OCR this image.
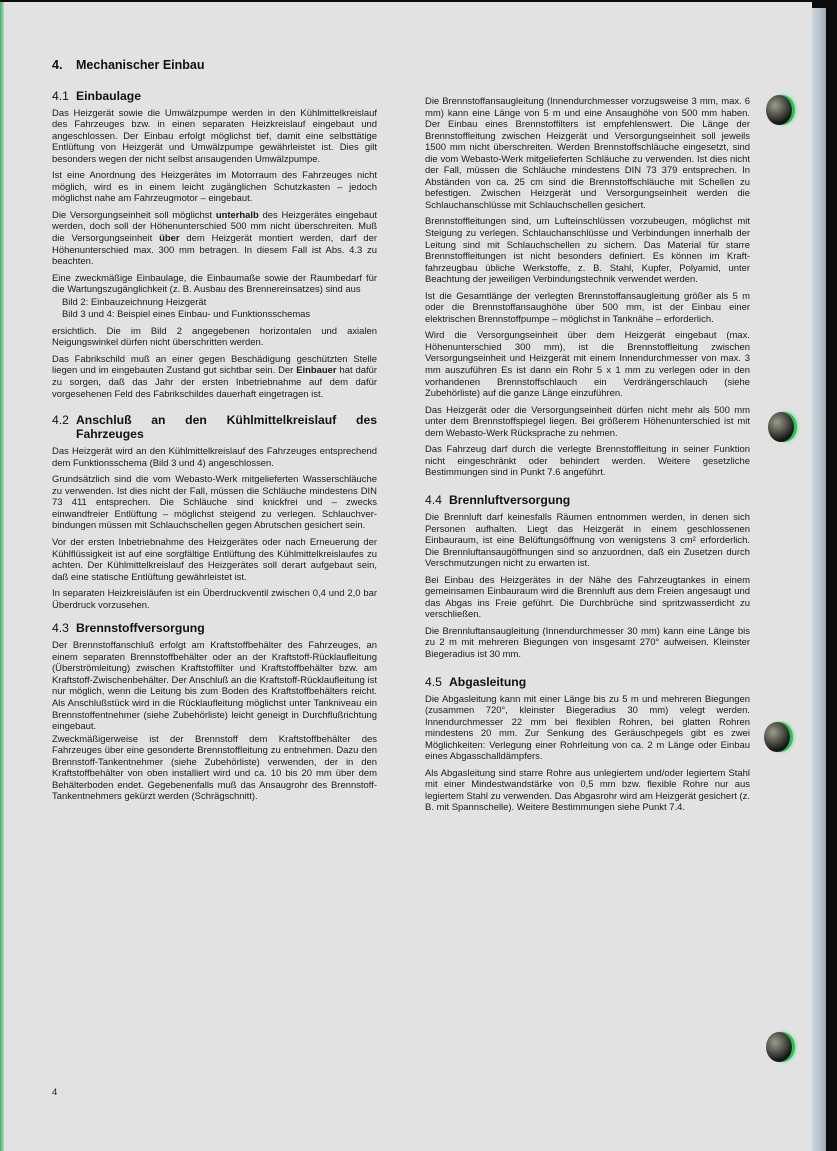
4.	Mechanischer Einbau
4.1 Einbaulage

Das Heizgerät sowie die Umwälzpumpe werden in den Kühlmittelkreislauf des Fahrzeuges bzw. in einen separaten Heizkreislauf eingebaut und angeschlossen. Der Einbau erfolgt möglichst tief, damit eine selbsttätige Entlüftung von Heizgerät und Umwälzpumpe gewährleistet ist. Dies gilt besonders wegen der nicht selbst ansaugenden Umwälzpumpe.

Ist eine Anordnung des Heizgerätes im Motorraum des Fahrzeuges nicht möglich, wird es in einem leicht zugänglichen Schutzkasten – jedoch möglichst nahe am Fahrzeugmotor – eingebaut.

Die Versorgungseinheit soll möglichst unterhalb des Heizgerätes eingebaut werden, doch soll der Höhenunterschied 500 mm nicht überschreiten. Muß die Versorgungseinheit über dem Heizgerät montiert werden, darf der Höhenunterschied max. 300 mm betragen. In diesem Fall ist Abs. 4.3 zu beachten.

Eine zweckmäßige Einbaulage, die Einbaumaße sowie der Raumbedarf für die Wartungszugänglichkeit (z. B. Ausbau des Brennereinsatzes) sind aus

Bild 2: Einbauzeichnung Heizgerät
Bild 3 und 4: Beispiel eines Einbau- und Funktionsschemas

ersichtlich. Die im Bild 2 angegebenen horizontalen und axialen Neigungswinkel dürfen nicht überschritten werden.

Das Fabrikschild muß an einer gegen Beschädigung geschützten Stelle liegen und im eingebauten Zustand gut sichtbar sein. Der Einbauer hat dafür zu sorgen, daß das Jahr der ersten Inbetriebnahme auf dem dafür vorgesehenen Feld des Fabrikschildes dauerhaft eingetragen ist.

4.2 Anschluß an den Kühlmittelkreislauf des Fahrzeuges

Das Heizgerät wird an den Kühlmittelkreislauf des Fahrzeuges entsprechend dem Funktionsschema (Bild 3 und 4) angeschlossen.

Grundsätzlich sind die vom Webasto-Werk mitgelieferten Wasserschläuche zu verwenden. Ist dies nicht der Fall, müssen die Schläuche mindestens DIN 73 411 entsprechen. Die Schläuche sind knickfrei und – zwecks einwandfreier Entlüftung – möglichst steigend zu verlegen. Schlauchverbindungen müssen mit Schlauchschellen gegen Abrutschen gesichert sein.

Vor der ersten Inbetriebnahme des Heizgerätes oder nach Erneuerung der Kühlflüssigkeit ist auf eine sorgfältige Entlüftung des Kühlmittelkreislaufes zu achten. Der Kühlmittelkreislauf des Heizgerätes soll derart aufgebaut sein, daß eine statische Entlüftung gewährleistet ist.

In separaten Heizkreisläufen ist ein Überdruckventil zwischen 0,4 und 2,0 bar Überdruck vorzusehen.

4.3 Brennstoffversorgung

Der Brennstoffanschluß erfolgt am Kraftstoffbehälter des Fahrzeuges, an einem separaten Brennstoffbehälter oder an der Kraftstoff-Rücklaufleitung (Überströmleitung) zwischen Kraftstoffilter und Kraftstoffbehälter bzw. am Kraftstoff-Zwischenbehälter. Der Anschluß an die Kraftstoff-Rücklaufleitung ist nur möglich, wenn die Leitung bis zum Boden des Kraftstoffbehälters reicht. Als Anschlußstück wird in die Rücklaufleitung möglichst unter Tankniveau ein Brennstoffentnehmer (siehe Zubehörliste) leicht geneigt in Durchflußrichtung eingebaut.

Zweckmäßigerweise ist der Brennstoff dem Kraftstoffbehälter des Fahrzeuges über eine gesonderte Brennstoffleitung zu entnehmen. Dazu den Brennstoff-Tankentnehmer (siehe Zubehörliste) verwenden, der in den Kraftstoffbehälter von oben installiert wird und ca. 10 bis 20 mm über dem Behälterboden endet. Gegebenenfalls muß das Ansaugrohr des Brennstoff-Tankentnehmers gekürzt werden (Schrägschnitt).

Die Brennstoffansaugleitung (Innendurchmesser vorzugsweise 3 mm, max. 6 mm) kann eine Länge von 5 m und eine Ansaughöhe von 500 mm haben. Der Einbau eines Brennstoffilters ist empfehlenswert. Die Länge der Brennstoffleitung zwischen Heizgerät und Versorgungseinheit soll jeweils 1500 mm nicht überschreiten. Werden Brennstoffschläuche eingesetzt, sind die vom Webasto-Werk mitgelieferten Schläuche zu verwenden. Ist dies nicht der Fall, müssen die Schläuche mindestens DIN 73 379 entsprechen. In Abständen von ca. 25 cm sind die Brennstoffschläuche mit Schellen zu befestigen. Zwischen Heizgerät und Versorgungseinheit werden die Schlauchanschlüsse mit Schlauchschellen gesichert.

Brennstoffleitungen sind, um Lufteinschlüssen vorzubeugen, möglichst mit Steigung zu verlegen. Schlauchanschlüsse und Verbindungen innerhalb der Leitung sind mit Schlauchschellen zu sichern. Das Material für starre Brennstoffleitungen ist nicht besonders definiert. Es können im Kraftfahrzeugbau übliche Werkstoffe, z. B. Stahl, Kupfer, Polyamid, unter Beachtung der jeweiligen Verbindungstechnik verwendet werden.

Ist die Gesamtlänge der verlegten Brennstoffansaugleitung größer als 5 m oder die Brennstoffansaughöhe über 500 mm, ist der Einbau einer elektrischen Brennstoffpumpe – möglichst in Tanknähe – erforderlich.

Wird die Versorgungseinheit über dem Heizgerät eingebaut (max. Höhenunterschied 300 mm), ist die Brennstoffleitung zwischen Versorgungseinheit und Heizgerät mit einem Innendurchmesser von max. 3 mm auszuführen Es ist dann ein Rohr 5 x 1 mm zu verlegen oder in den vorhandenen Brennstoffschlauch ein Verdrängerschlauch (siehe Zubehörliste) auf die ganze Länge einzuführen.

Das Heizgerät oder die Versorgungseinheit dürfen nicht mehr als 500 mm unter dem Brennstoffspiegel liegen. Bei größerem Höhenunterschied ist mit dem Webasto-Werk Rücksprache zu nehmen.

Das Fahrzeug darf durch die verlegte Brennstoffleitung in seiner Funktion nicht eingeschränkt oder behindert werden. Weitere gesetzliche Bestimmungen sind in Punkt 7.6 angeführt.

4.4 Brennluftversorgung

Die Brennluft darf keinesfalls Räumen entnommen werden, in denen sich Personen aufhalten. Liegt das Heizgerät in einem geschlossenen Einbauraum, ist eine Belüftungsöffnung von wenigstens 3 cm² erforderlich. Die Brennluftansaugöffnungen sind so anzuordnen, daß ein Zusetzen durch Verschmutzungen nicht zu erwarten ist.

Bei Einbau des Heizgerätes in der Nähe des Fahrzeugtankes in einem gemeinsamen Einbauraum wird die Brennluft aus dem Freien angesaugt und das Abgas ins Freie geführt. Die Durchbrüche sind spritzwasserdicht zu verschließen.

Die Brennluftansaugleitung (Innendurchmesser 30 mm) kann eine Länge bis zu 2 m mit mehreren Biegungen von insgesamt 270° aufweisen. Kleinster Biegeradius ist 30 mm.

4.5 Abgasleitung

Die Abgasleitung kann mit einer Länge bis zu 5 m und mehreren Biegungen (zusammen 720°, kleinster Biegeradius 30 mm) velegt werden. Innendurchmesser 22 mm bei flexiblen Rohren, bei glatten Rohren mindestens 20 mm. Zur Senkung des Geräuschpegels gibt es zwei Möglichkeiten: Verlegung einer Rohrleitung von ca. 2 m Länge oder Einbau eines Abgasschalldämpfers.

Als Abgasleitung sind starre Rohre aus unlegiertem und/oder legiertem Stahl mit einer Mindestwandstärke von 0,5 mm bzw. flexible Rohre nur aus legiertem Stahl zu verwenden. Das Abgasrohr wird am Heizgerät gesichert (z. B. mit Spannschelle). Weitere Bestimmungen siehe Punkt 7.4.

4
